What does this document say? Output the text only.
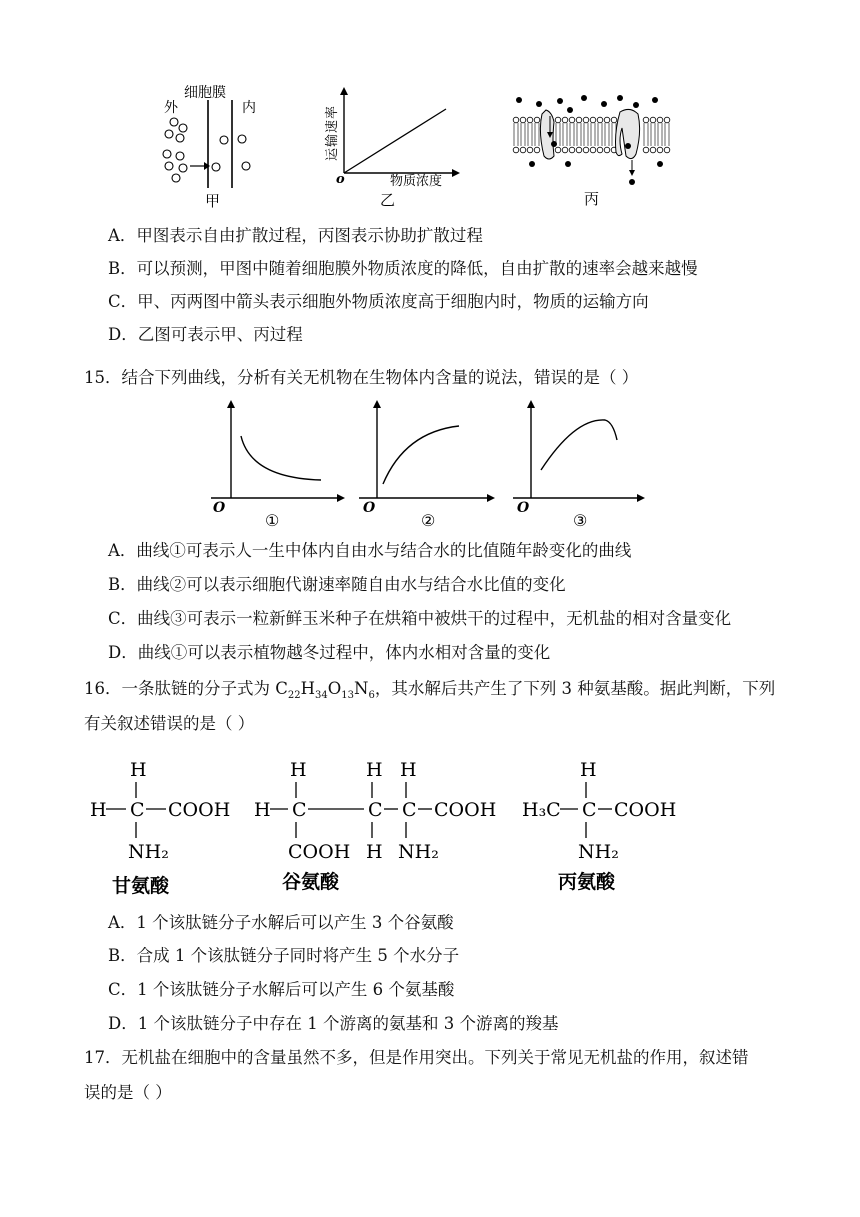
细胞膜
外	内
甲
运输速率
o	物质浓度
乙	丙
A．甲图表示自由扩散过程，丙图表示协助扩散过程
B．可以预测，甲图中随着细胞膜外物质浓度的降低，自由扩散的速率会越来越慢
C．甲、丙两图中箭头表示细胞外物质浓度高于细胞内时，物质的运输方向
D．乙图可表示甲、丙过程
15．结合下列曲线，分析有关无机物在生物体内含量的说法，错误的是（ ）
O
①
O
②
O
③
A．曲线①可表示人一生中体内自由水与结合水的比值随年龄变化的曲线
B．曲线②可以表示细胞代谢速率随自由水与结合水比值的变化
C．曲线③可表示一粒新鲜玉米种子在烘箱中被烘干的过程中，无机盐的相对含量变化
D．曲线①可以表示植物越冬过程中，体内水相对含量的变化
16．一条肽链的分子式为 $C_{22}H_{34}O_{13}N_6$，其水解后共产生了下列 3 种氨基酸。据此判断，下列
有关叙述错误的是（ ）
H
H C COOH
NH₂
H	H H
H C	C C COOH
COOH H NH₂
H
H₃C C COOH
NH₂
甘氨酸	谷氨酸	丙氨酸
A．1 个该肽链分子水解后可以产生 3 个谷氨酸
B．合成 1 个该肽链分子同时将产生 5 个水分子
C．1 个该肽链分子水解后可以产生 6 个氨基酸
D．1 个该肽链分子中存在 1 个游离的氨基和 3 个游离的羧基
17．无机盐在细胞中的含量虽然不多，但是作用突出。下列关于常见无机盐的作用，叙述错
误的是（ ）
